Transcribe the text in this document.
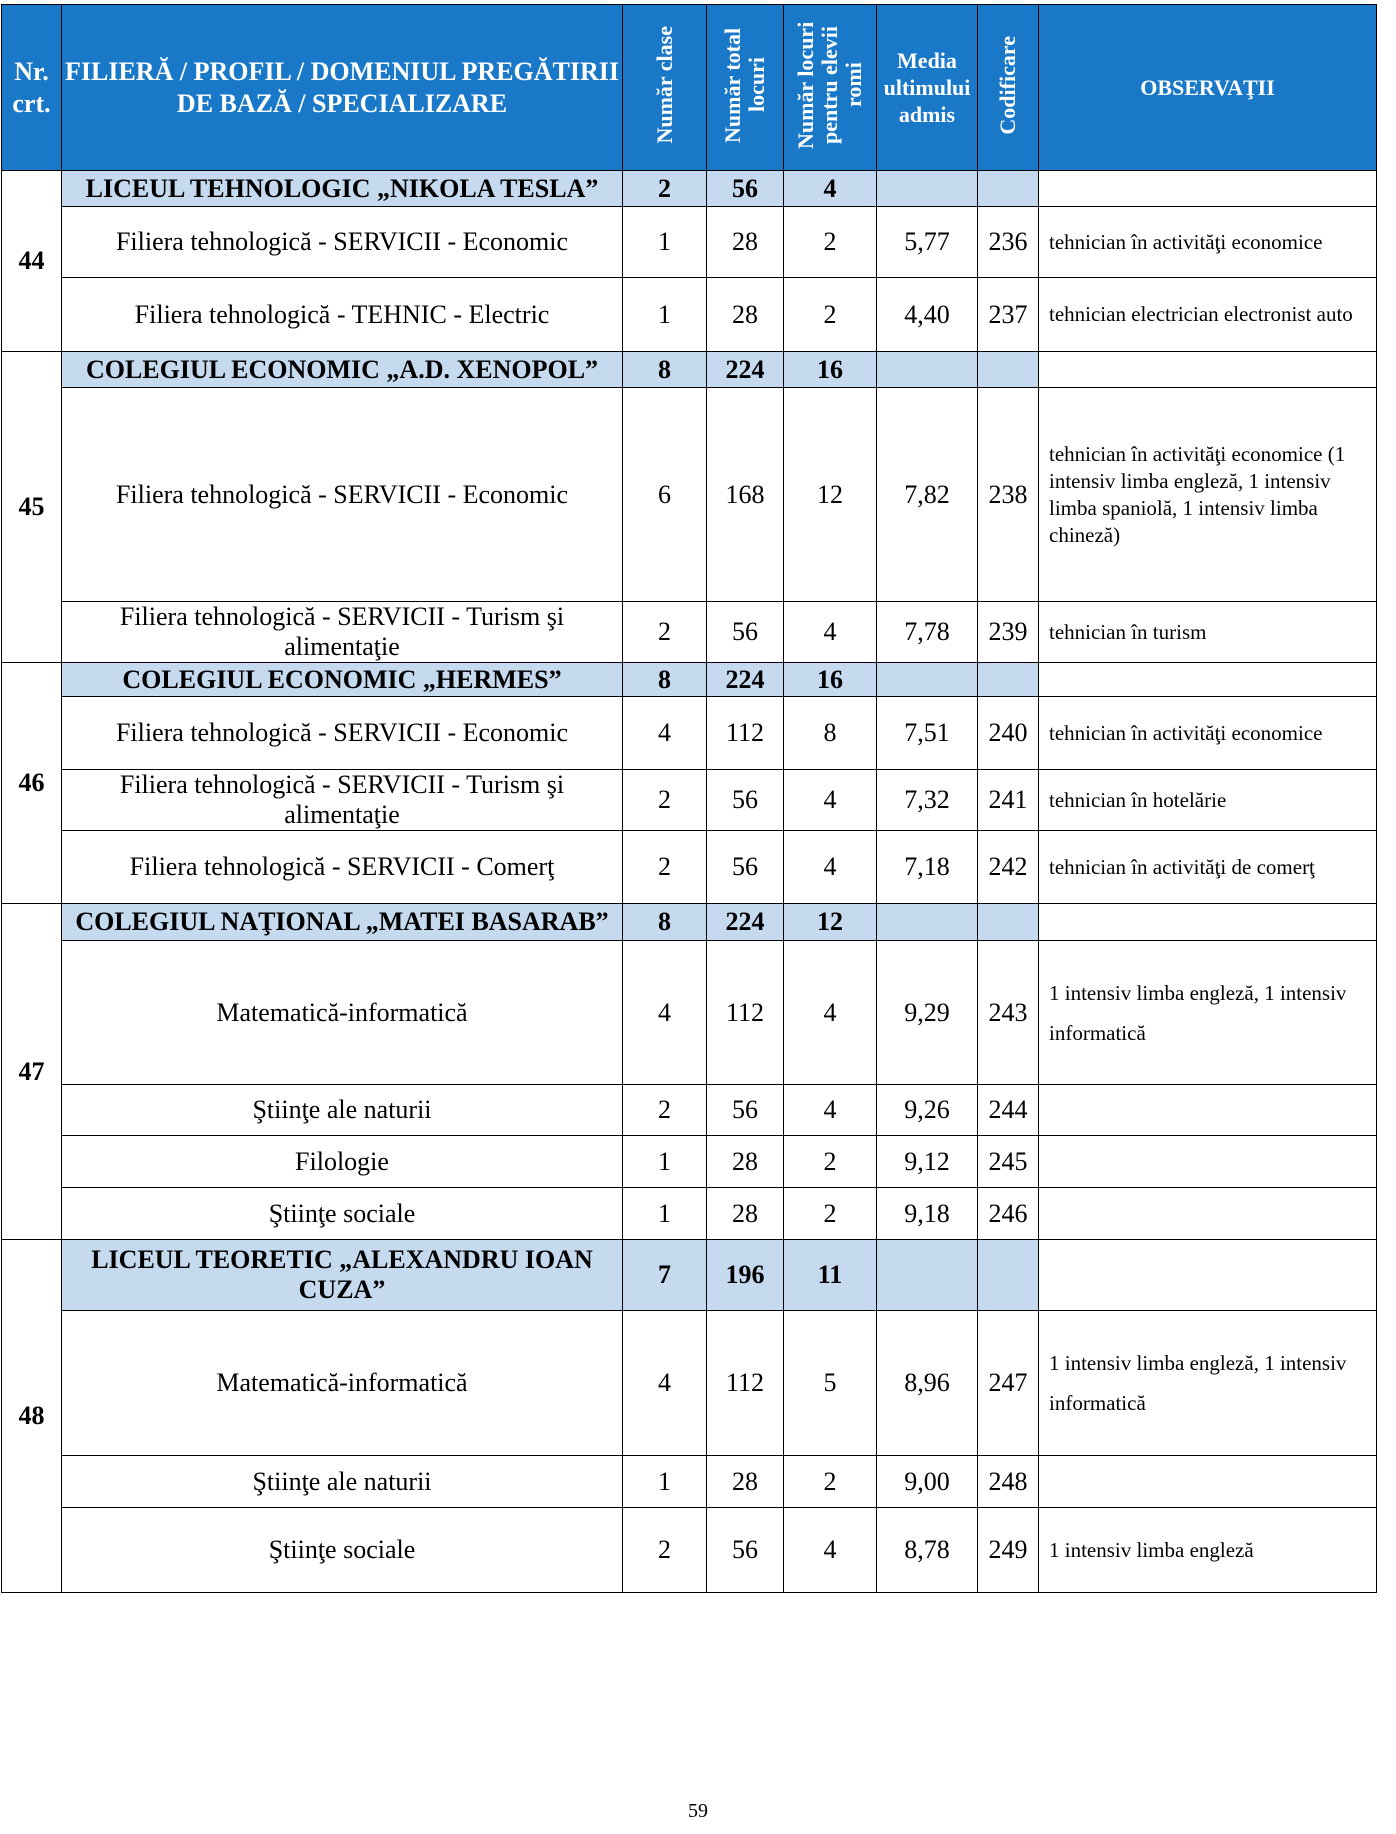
Nr. crt.	FILIERĂ / PROFIL / DOMENIUL PREGĂTIRII DE BAZĂ / SPECIALIZARE	Număr clase	Număr total locuri	Număr locuri pentru elevii romi	Media ultimului admis	Codificare	OBSERVAŢII
44	LICEUL TEHNOLOGIC „NIKOLA TESLA”	2	56	4			
	Filiera tehnologică - SERVICII - Economic	1	28	2	5,77	236	tehnician în activităţi economice
	Filiera tehnologică - TEHNIC - Electric	1	28	2	4,40	237	tehnician electrician electronist auto
45	COLEGIUL ECONOMIC „A.D. XENOPOL”	8	224	16			
	Filiera tehnologică - SERVICII - Economic	6	168	12	7,82	238	tehnician în activităţi economice (1 intensiv limba engleză, 1 intensiv limba spaniolă, 1 intensiv limba chineză)
	Filiera tehnologică - SERVICII - Turism şi alimentaţie	2	56	4	7,78	239	tehnician în turism
46	COLEGIUL ECONOMIC „HERMES”	8	224	16			
	Filiera tehnologică - SERVICII - Economic	4	112	8	7,51	240	tehnician în activităţi economice
	Filiera tehnologică - SERVICII - Turism şi alimentaţie	2	56	4	7,32	241	tehnician în hotelărie
	Filiera tehnologică - SERVICII - Comerţ	2	56	4	7,18	242	tehnician în activităţi de comerţ
47	COLEGIUL NAŢIONAL „MATEI BASARAB”	8	224	12			
	Matematică-informatică	4	112	4	9,29	243	1 intensiv limba engleză, 1 intensiv informatică
	Ştiinţe ale naturii	2	56	4	9,26	244	
	Filologie	1	28	2	9,12	245	
	Ştiinţe sociale	1	28	2	9,18	246	
48	LICEUL TEORETIC „ALEXANDRU IOAN CUZA”	7	196	11			
	Matematică-informatică	4	112	5	8,96	247	1 intensiv limba engleză, 1 intensiv informatică
	Ştiinţe ale naturii	1	28	2	9,00	248	
	Ştiinţe sociale	2	56	4	8,78	249	1 intensiv limba engleză
59
